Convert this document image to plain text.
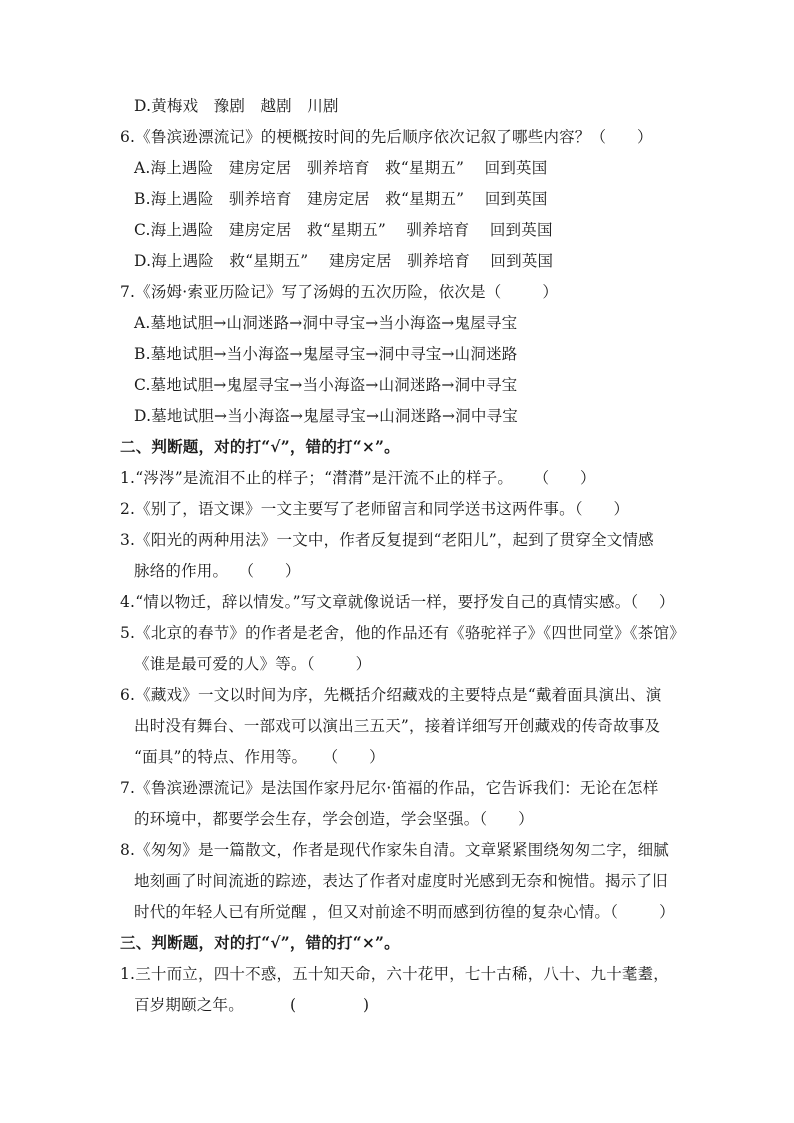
D.黄梅戏   豫剧   越剧   川剧
6.《鲁滨逊漂流记》的梗概按时间的先后顺序依次记叙了哪些内容？（      ）
A.海上遇险   建房定居   驯养培育   救“星期五”    回到英国
B.海上遇险   驯养培育   建房定居   救“星期五”    回到英国
C.海上遇险   建房定居   救“星期五”    驯养培育    回到英国
D.海上遇险   救“星期五”    建房定居   驯养培育    回到英国
7.《汤姆·索亚历险记》写了汤姆的五次历险，依次是（        ）
A.墓地试胆→山洞迷路→洞中寻宝→当小海盗→鬼屋寻宝
B.墓地试胆→当小海盗→鬼屋寻宝→洞中寻宝→山洞迷路
C.墓地试胆→鬼屋寻宝→当小海盗→山洞迷路→洞中寻宝
D.墓地试胆→当小海盗→鬼屋寻宝→山洞迷路→洞中寻宝
二、判断题，对的打“√”，错的打“×”。
1.“涔涔”是流泪不止的样子；“潸潸”是汗流不止的样子。    （      ）
2.《别了，语文课》一文主要写了老师留言和同学送书这两件事。（      ）
3.《阳光的两种用法》一文中，作者反复提到“老阳儿”，起到了贯穿全文情感
脉络的作用。  （      ）
4.“情以物迁，辞以情发。”写文章就像说话一样，要抒发自己的真情实感。（    ）
5.《北京的春节》的作者是老舍，他的作品还有《骆驼祥子》《四世同堂》《茶馆》
《谁是最可爱的人》等。（        ）
6.《藏戏》一文以时间为序，先概括介绍藏戏的主要特点是“戴着面具演出、演
出时没有舞台、一部戏可以演出三五天”，接着详细写开创藏戏的传奇故事及
“面具”的特点、作用等。   （      ）
7.《鲁滨逊漂流记》是法国作家丹尼尔·笛福的作品，它告诉我们：无论在怎样
的环境中，都要学会生存，学会创造，学会坚强。（      ）
8.《匆匆》是一篇散文，作者是现代作家朱自清。文章紧紧围绕匆匆二字，细腻
地刻画了时间流逝的踪迹，表达了作者对虚度时光感到无奈和惋惜。揭示了旧
时代的年轻人已有所觉醒 ，但又对前途不明而感到彷徨的复杂心情。（        ）
三、判断题，对的打“√”，错的打“×”。
1.三十而立，四十不惑，五十知天命，六十花甲，七十古稀，八十、九十耄耋，
百岁期颐之年。         (             )
